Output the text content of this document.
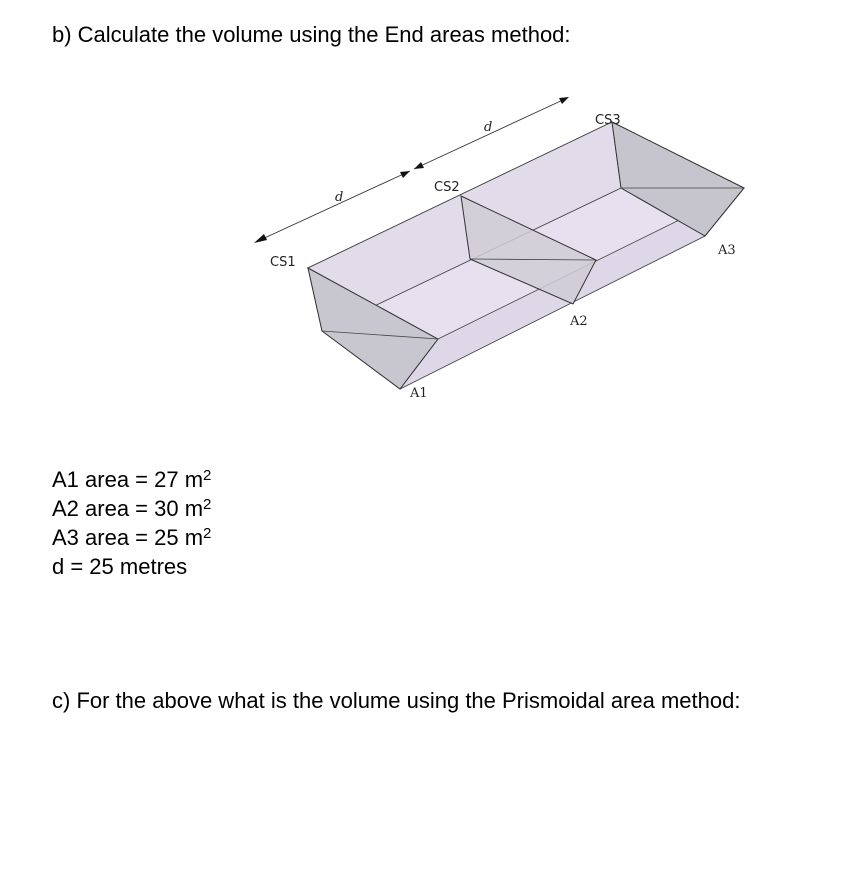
b) Calculate the volume using the End areas method:
A1 area = 27 $m^2$
A2 area = 30 $m^2$
A3 area = 25 $m^2$
d = 25 metres
CS1
CS2
CS3
d
d
A1
A2
A3
c) For the above what is the volume using the Prismoidal area method:
